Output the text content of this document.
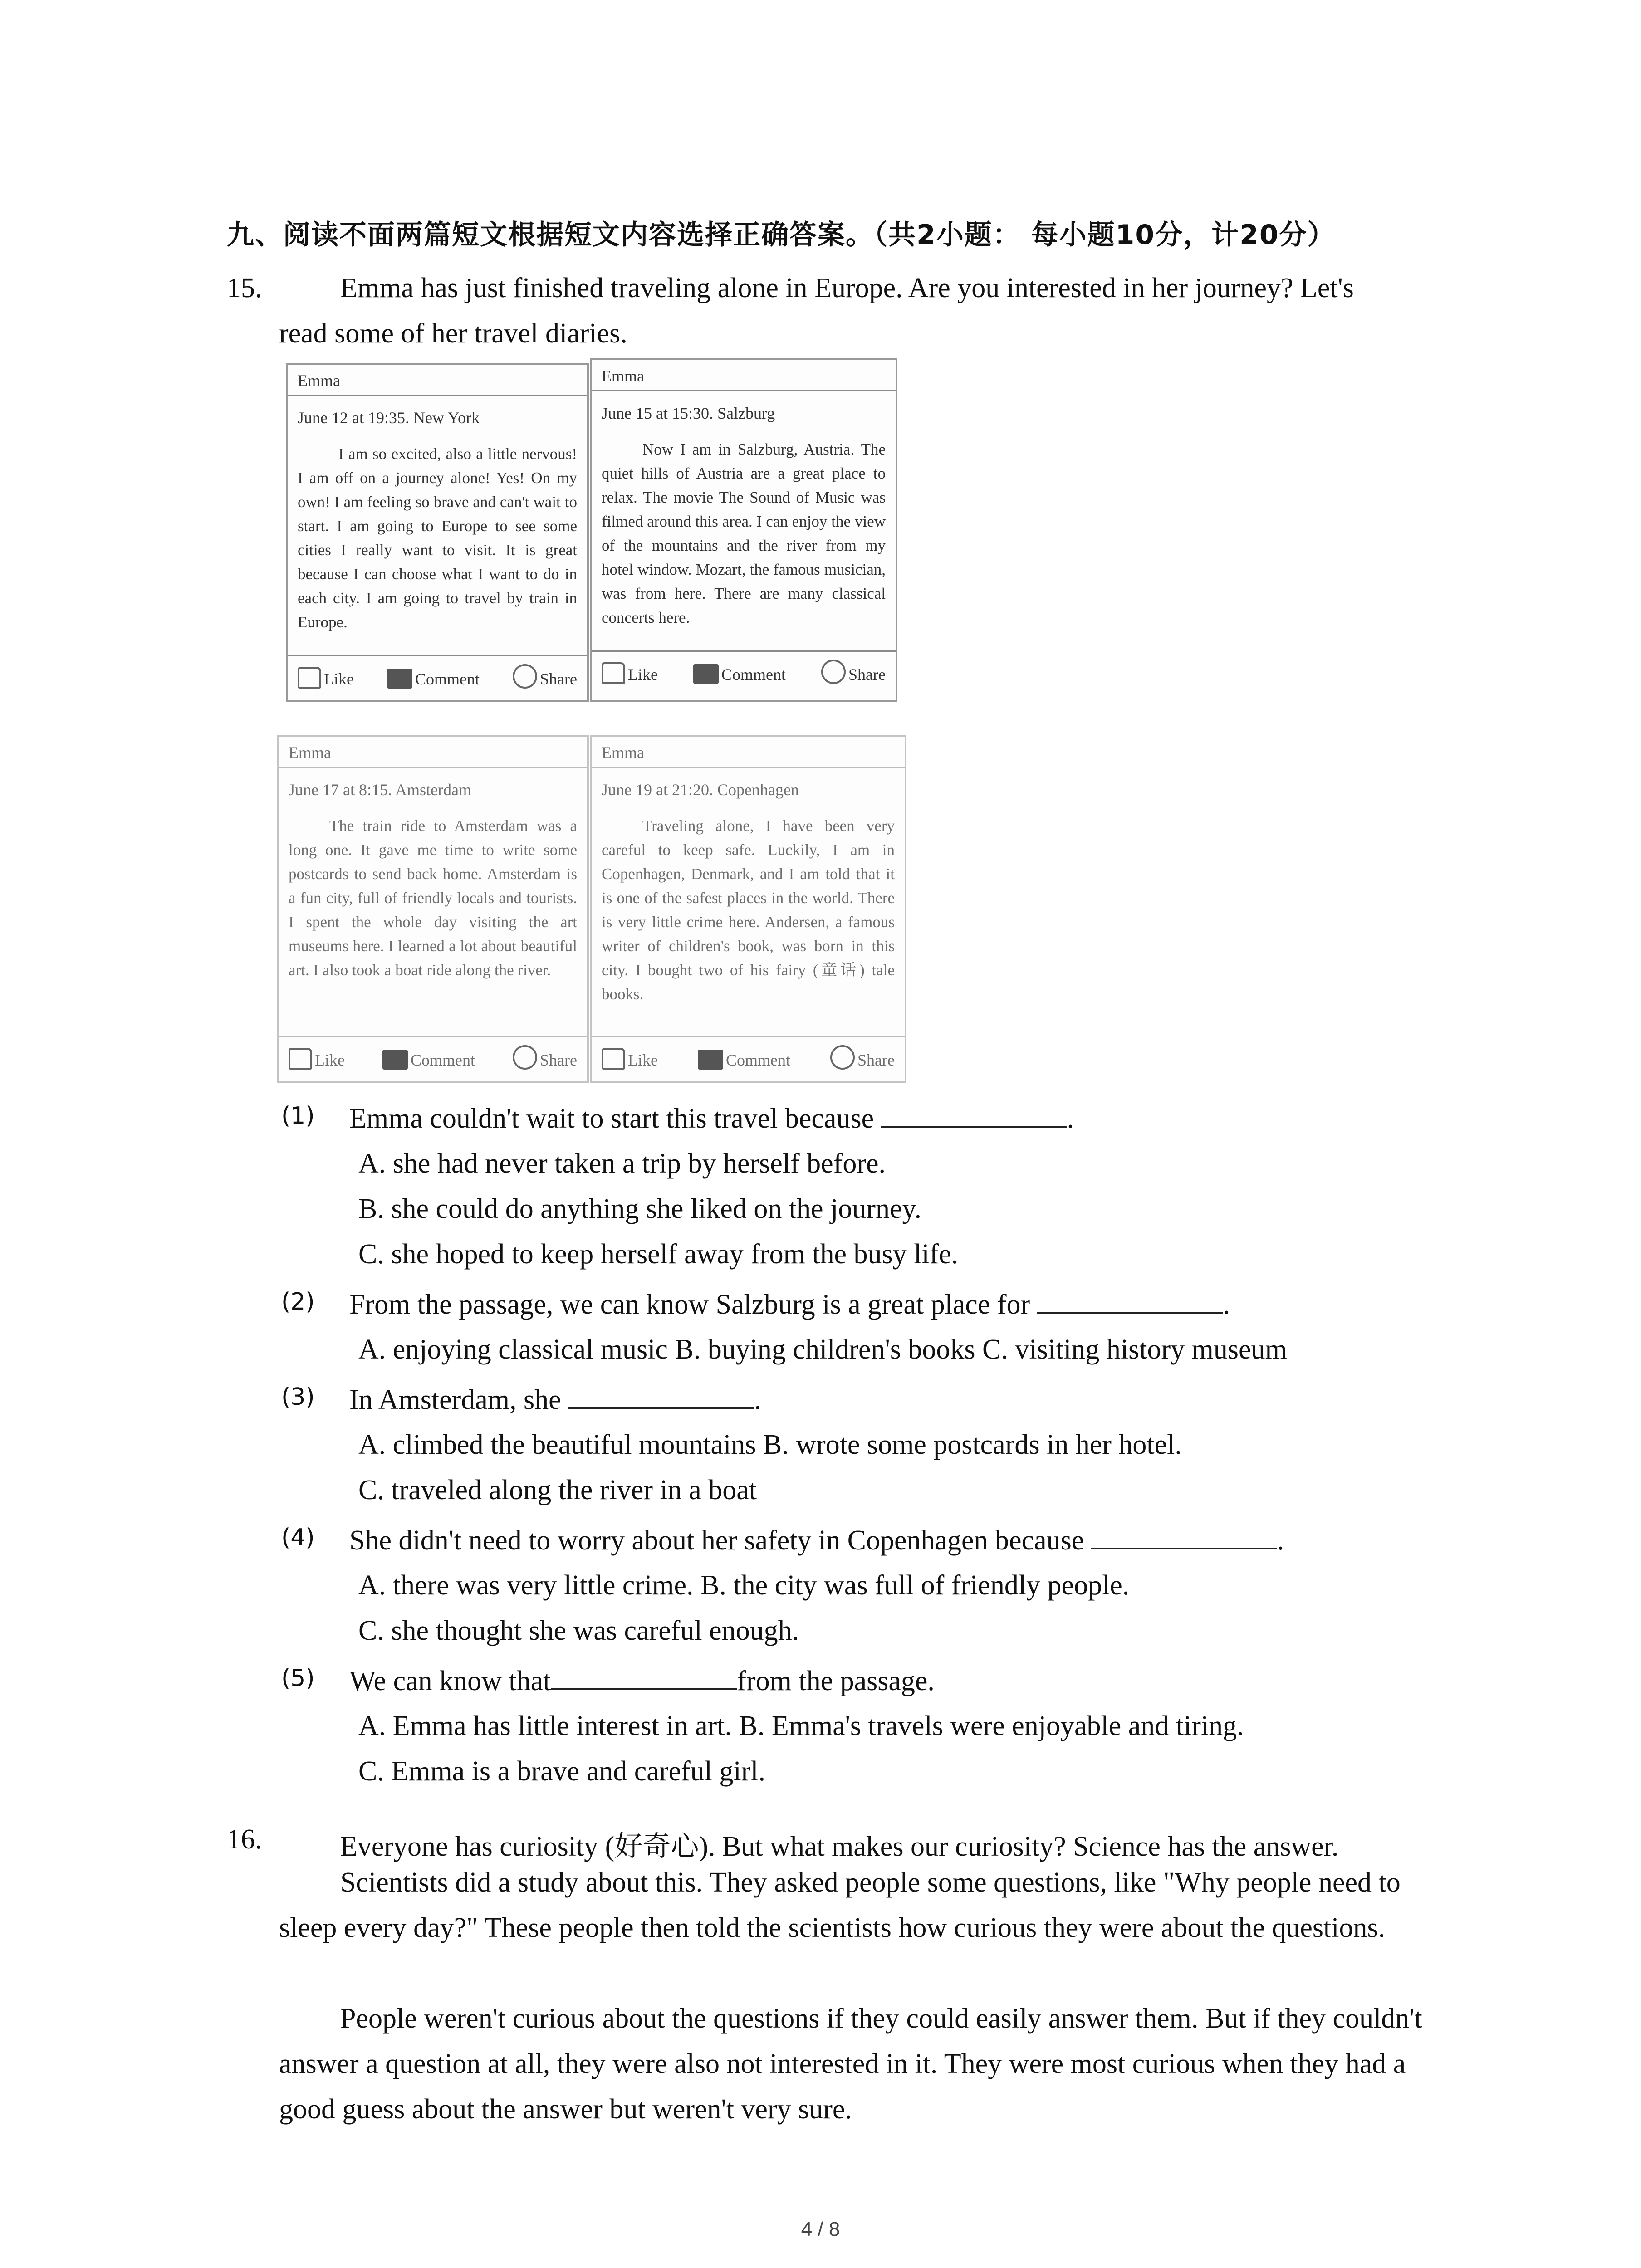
九、阅读不面两篇短文根据短文内容选择正确答案。（共2小题： 每小题10分，计20分）
15.	Emma has just finished traveling alone in Europe. Are you interested in her journey? Let's
read some of her travel diaries.
Emma
June 12 at 19:35. New York
I am so excited, also a little nervous! I am off on a journey alone! Yes! On my own! I am feeling so brave and can't wait to start. I am going to Europe to see some cities I really want to visit. It is great because I can choose what I want to do in each city. I am going to travel by train in Europe.
Like	Comment	Share
Emma
June 15 at 15:30. Salzburg
Now I am in Salzburg, Austria. The quiet hills of Austria are a great place to relax. The movie The Sound of Music was filmed around this area. I can enjoy the view of the mountains and the river from my hotel window. Mozart, the famous musician, was from here. There are many classical concerts here.
Like	Comment	Share
Emma
June 17 at 8:15. Amsterdam
The train ride to Amsterdam was a long one. It gave me time to write some postcards to send back home. Amsterdam is a fun city, full of friendly locals and tourists. I spent the whole day visiting the art museums here. I learned a lot about beautiful art. I also took a boat ride along the river.
Like	Comment	Share
Emma
June 19 at 21:20. Copenhagen
Traveling alone, I have been very careful to keep safe. Luckily, I am in Copenhagen, Denmark, and I am told that it is one of the safest places in the world. There is very little crime here. Andersen, a famous writer of children's book, was born in this city. I bought two of his fairy (童话) tale books.
Like	Comment	Share
(1) Emma couldn't wait to start this travel because	.
A. she had never taken a trip by herself before.
B. she could do anything she liked on the journey.
C. she hoped to keep herself away from the busy life.
(2) From the passage, we can know Salzburg is a great place for	.
A. enjoying classical music B. buying children's books C. visiting history museum
(3) In Amsterdam, she	.
A. climbed the beautiful mountains B. wrote some postcards in her hotel.
C. traveled along the river in a boat
(4) She didn't need to worry about her safety in Copenhagen because	.
A. there was very little crime. B. the city was full of friendly people.
C. she thought she was careful enough.
(5) We can know that	from the passage.
A. Emma has little interest in art. B. Emma's travels were enjoyable and tiring.
C. Emma is a brave and careful girl.
16.	Everyone has curiosity (好奇心). But what makes our curiosity? Science has the answer.
Scientists did a study about this. They asked people some questions, like "Why people need to sleep every day?" These people then told the scientists how curious they were about the questions.
People weren't curious about the questions if they could easily answer them. But if they couldn't answer a question at all, they were also not interested in it. They were most curious when they had a good guess about the answer but weren't very sure.
4 / 8
